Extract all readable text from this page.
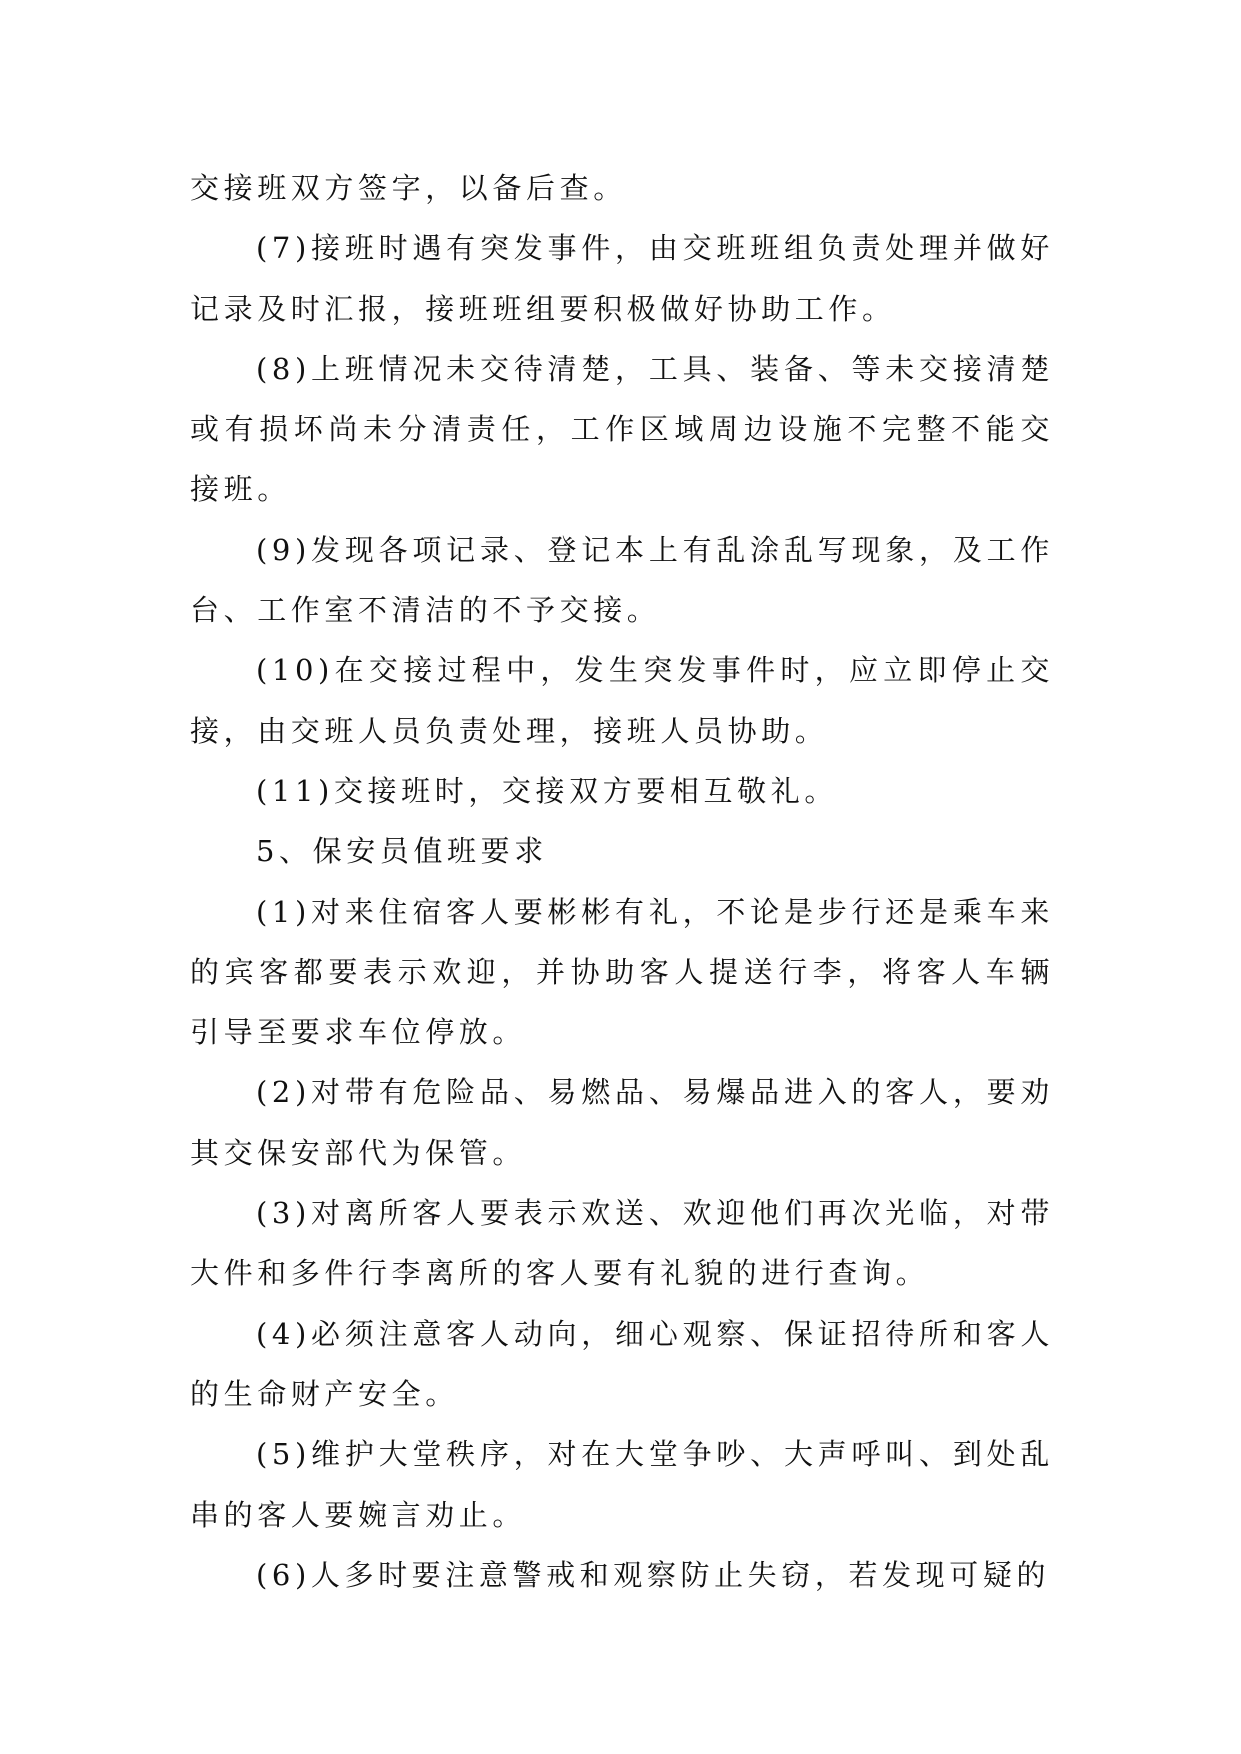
交接班双方签字，以备后查。

(7)接班时遇有突发事件，由交班班组负责处理并做好记录及时汇报，接班班组要积极做好协助工作。

(8)上班情况未交待清楚，工具、装备、等未交接清楚或有损坏尚未分清责任，工作区域周边设施不完整不能交接班。

(9)发现各项记录、登记本上有乱涂乱写现象，及工作台、工作室不清洁的不予交接。

(10)在交接过程中，发生突发事件时，应立即停止交接，由交班人员负责处理，接班人员协助。

(11)交接班时，交接双方要相互敬礼。

5、保安员值班要求

(1)对来住宿客人要彬彬有礼，不论是步行还是乘车来的宾客都要表示欢迎，并协助客人提送行李，将客人车辆引导至要求车位停放。

(2)对带有危险品、易燃品、易爆品进入的客人，要劝其交保安部代为保管。

(3)对离所客人要表示欢送、欢迎他们再次光临，对带大件和多件行李离所的客人要有礼貌的进行查询。

(4)必须注意客人动向，细心观察、保证招待所和客人的生命财产安全。

(5)维护大堂秩序，对在大堂争吵、大声呼叫、到处乱串的客人要婉言劝止。

(6)人多时要注意警戒和观察防止失窃，若发现可疑的
